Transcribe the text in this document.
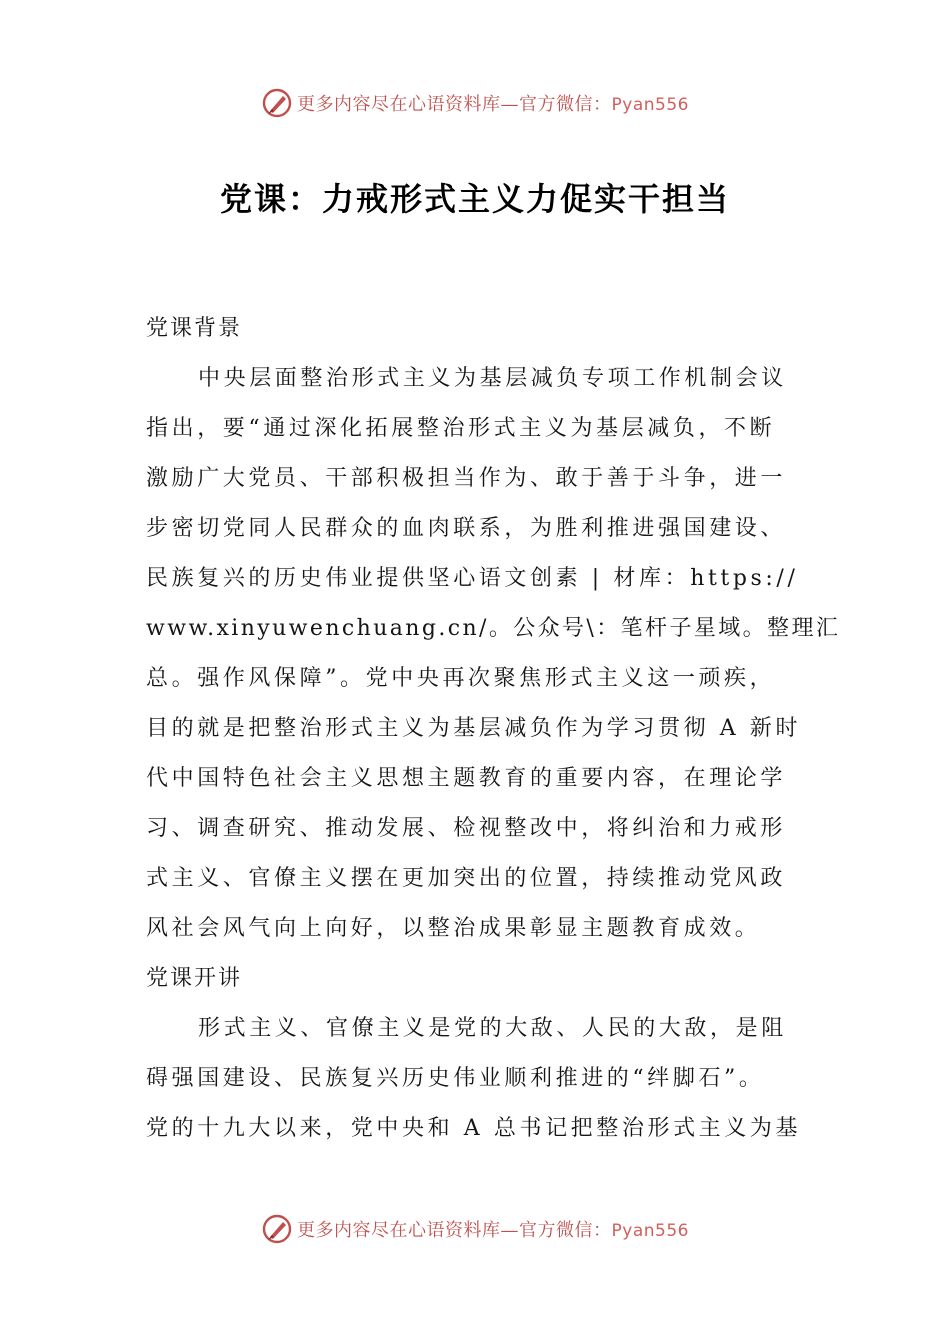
更多内容尽在心语资料库—官方微信：Pyan556
党课：力戒形式主义力促实干担当
党课背景
中央层面整治形式主义为基层减负专项工作机制会议
指出，要“通过深化拓展整治形式主义为基层减负，不断
激励广大党员、干部积极担当作为、敢于善于斗争，进一
步密切党同人民群众的血肉联系，为胜利推进强国建设、
民族复兴的历史伟业提供坚心语文创素 | 材库：https://
www.xinyuwenchuang.cn/。公众号\：笔杆子星域。整理汇
总。强作风保障”。党中央再次聚焦形式主义这一顽疾，
目的就是把整治形式主义为基层减负作为学习贯彻 A 新时
代中国特色社会主义思想主题教育的重要内容，在理论学
习、调查研究、推动发展、检视整改中，将纠治和力戒形
式主义、官僚主义摆在更加突出的位置，持续推动党风政
风社会风气向上向好，以整治成果彰显主题教育成效。
党课开讲
形式主义、官僚主义是党的大敌、人民的大敌，是阻
碍强国建设、民族复兴历史伟业顺利推进的“绊脚石”。
党的十九大以来，党中央和 A 总书记把整治形式主义为基
更多内容尽在心语资料库—官方微信：Pyan556
